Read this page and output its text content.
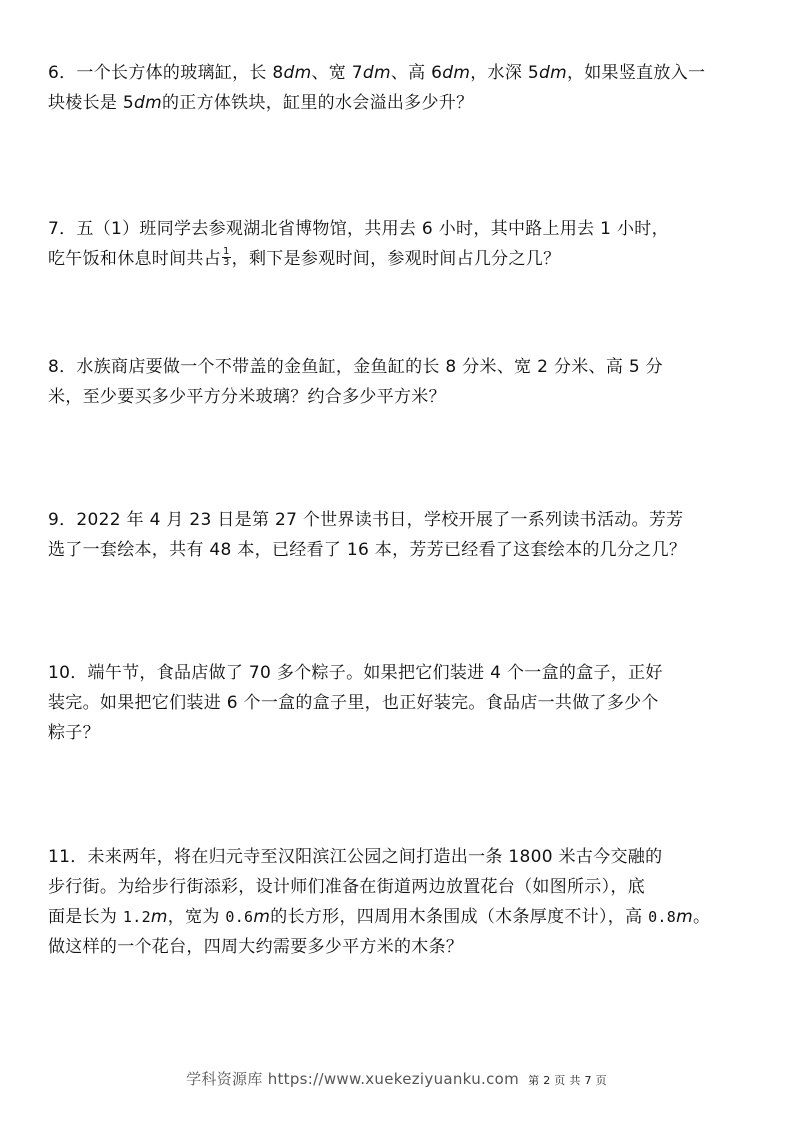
6．一个长方体的玻璃缸，长 8dm、宽 7dm、高 6dm，水深 5dm，如果竖直放入一
块棱长是 5dm的正方体铁块，缸里的水会溢出多少升？
7．五（1）班同学去参观湖北省博物馆，共用去 6 小时，其中路上用去 1 小时，
吃午饭和休息时间共占 $\frac{1}{3}$ ，剩下是参观时间，参观时间占几分之几？
8．水族商店要做一个不带盖的金鱼缸，金鱼缸的长 8 分米、宽 2 分米、高 5 分
米，至少要买多少平方分米玻璃？约合多少平方米？
9．2022 年 4 月 23 日是第 27 个世界读书日，学校开展了一系列读书活动。芳芳
选了一套绘本，共有 48 本，已经看了 16 本，芳芳已经看了这套绘本的几分之几？
10．端午节，食品店做了 70 多个粽子。如果把它们装进 4 个一盒的盒子，正好
装完。如果把它们装进 6 个一盒的盒子里，也正好装完。食品店一共做了多少个
粽子？
11．未来两年，将在归元寺至汉阳滨江公园之间打造出一条 1800 米古今交融的
步行街。为给步行街添彩，设计师们准备在街道两边放置花台（如图所示），底
面是长为 1.2m，宽为 0.6m的长方形，四周用木条围成（木条厚度不计），高 0.8m。
做这样的一个花台，四周大约需要多少平方米的木条？
学科资源库 https://www.xuekeziyuanku.com 第 2 页 共 7 页
